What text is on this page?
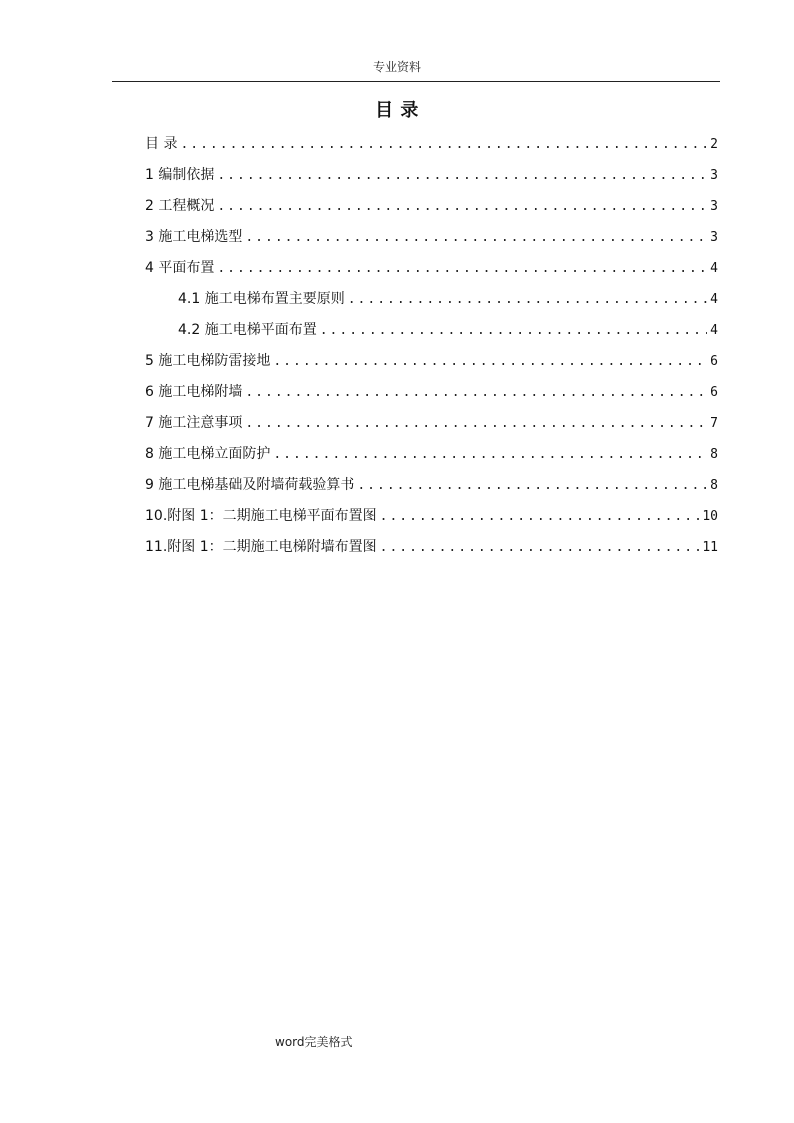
专业资料
目 录
目 录 .....	2
1 编制依据 .....	3
2 工程概况 .....	3
3 施工电梯选型 .....	3
4 平面布置 .....	4
4.1 施工电梯布置主要原则 .....	4
4.2 施工电梯平面布置 .....	4
5 施工电梯防雷接地 .....	6
6 施工电梯附墙 .....	6
7 施工注意事项 .....	7
8 施工电梯立面防护 .....	8
9 施工电梯基础及附墙荷载验算书 .....	8
10.附图 1：二期施工电梯平面布置图 .....	10
11.附图 1：二期施工电梯附墙布置图 .....	11
word完美格式
